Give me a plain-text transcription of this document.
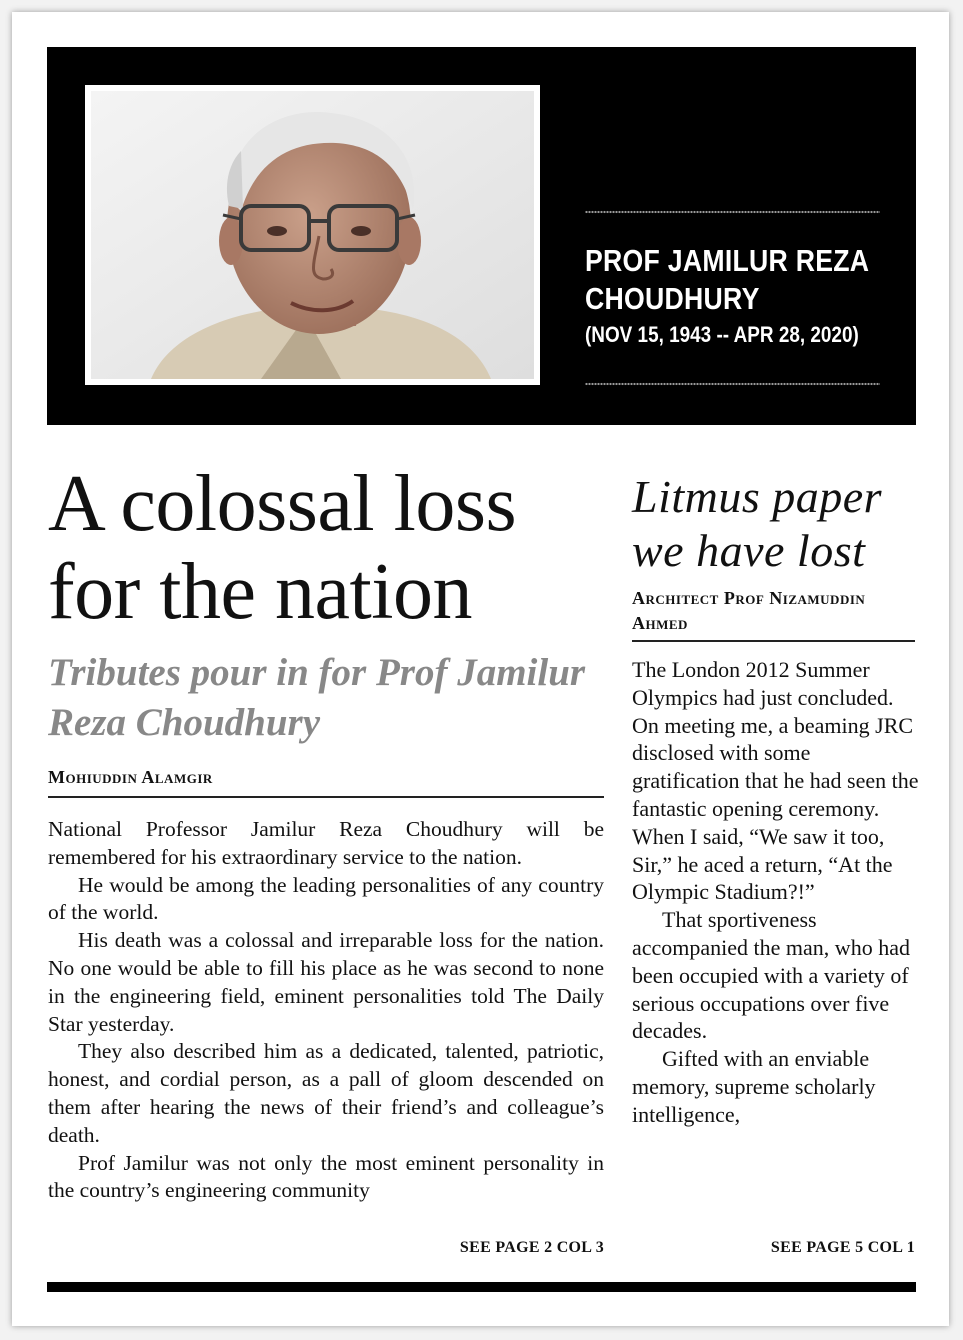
PROF JAMILUR REZA CHOUDHURY
(NOV 15, 1943 -- APR 28, 2020)
A colossal loss for the nation
Tributes pour in for Prof Jamilur Reza Choudhury
Mohiuddin Alamgir

National Professor Jamilur Reza Choudhury will be remembered for his extraordinary service to the nation.

He would be among the leading personalities of any country of the world.

His death was a colossal and irreparable loss for the nation. No one would be able to fill his place as he was second to none in the engineering field, eminent personalities told The Daily Star yesterday.

They also described him as a dedicated, talented, patriotic, honest, and cordial person, as a pall of gloom descended on them after hearing the news of their friend’s and colleague’s death.

Prof Jamilur was not only the most eminent personality in the country’s engineering community

SEE PAGE 2 COL 3
Litmus paper we have lost
Architect Prof Nizamuddin Ahmed

The London 2012 Summer Olympics had just concluded. On meeting me, a beaming JRC disclosed with some gratification that he had seen the fantastic opening ceremony. When I said, “We saw it too, Sir,” he aced a return, “At the Olympic Stadium?!”

That sportiveness accompanied the man, who had been occupied with a variety of serious occupations over five decades.

Gifted with an enviable memory, supreme scholarly intelligence,

SEE PAGE 5 COL 1
